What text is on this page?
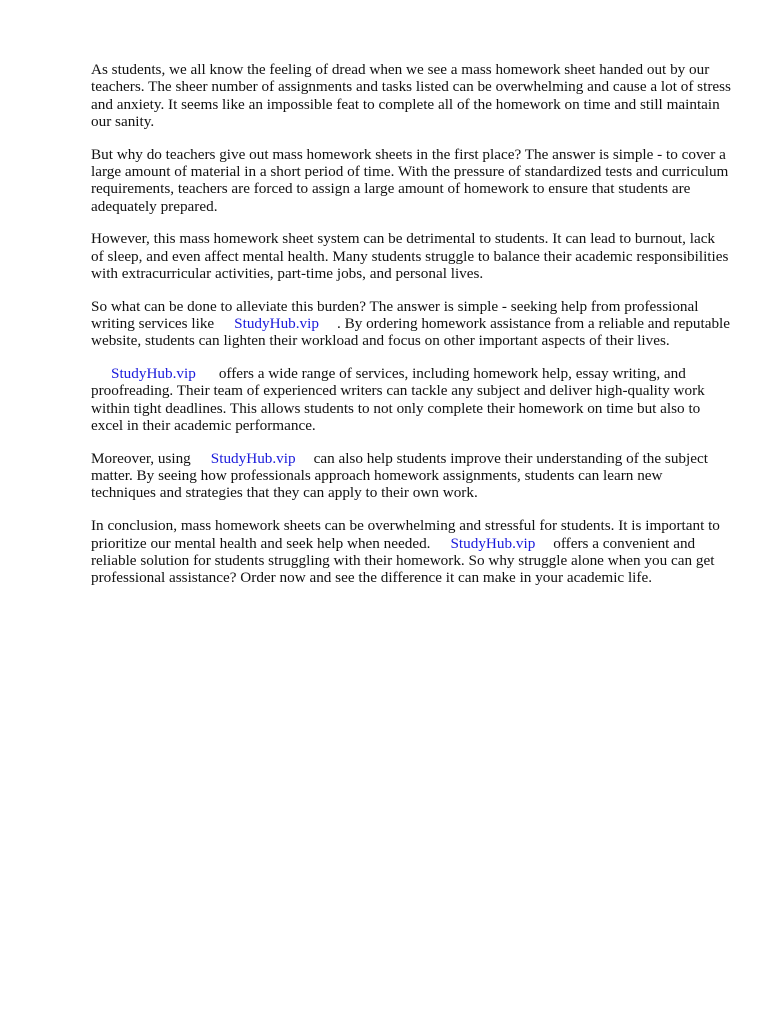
As students, we all know the feeling of dread when we see a mass homework sheet handed out by our teachers. The sheer number of assignments and tasks listed can be overwhelming and cause a lot of stress and anxiety. It seems like an impossible feat to complete all of the homework on time and still maintain our sanity.

But why do teachers give out mass homework sheets in the first place? The answer is simple - to cover a large amount of material in a short period of time. With the pressure of standardized tests and curriculum requirements, teachers are forced to assign a large amount of homework to ensure that students are adequately prepared.

However, this mass homework sheet system can be detrimental to students. It can lead to burnout, lack of sleep, and even affect mental health. Many students struggle to balance their academic responsibilities with extracurricular activities, part-time jobs, and personal lives.

So what can be done to alleviate this burden? The answer is simple - seeking help from professional writing services like StudyHub.vip . By ordering homework assistance from a reliable and reputable website, students can lighten their workload and focus on other important aspects of their lives.

StudyHub.vip offers a wide range of services, including homework help, essay writing, and proofreading. Their team of experienced writers can tackle any subject and deliver high-quality work within tight deadlines. This allows students to not only complete their homework on time but also to excel in their academic performance.

Moreover, using StudyHub.vip can also help students improve their understanding of the subject matter. By seeing how professionals approach homework assignments, students can learn new techniques and strategies that they can apply to their own work.

In conclusion, mass homework sheets can be overwhelming and stressful for students. It is important to prioritize our mental health and seek help when needed. StudyHub.vip offers a convenient and reliable solution for students struggling with their homework. So why struggle alone when you can get professional assistance? Order now and see the difference it can make in your academic life.
